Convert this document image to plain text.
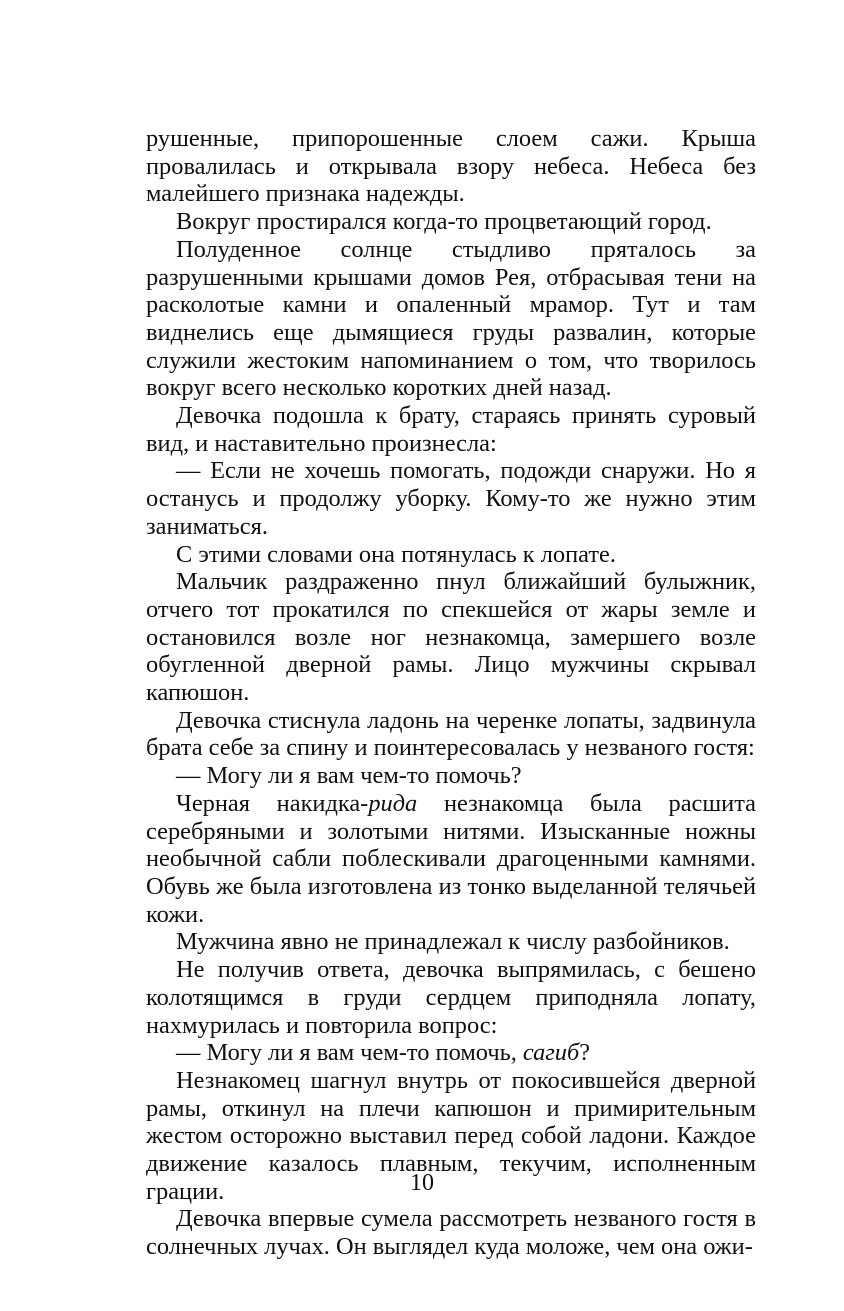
рушенные, припорошенные слоем сажи. Крыша провалилась и открывала взору небеса. Небеса без малейшего признака надежды.

Вокруг простирался когда-то процветающий город.

Полуденное солнце стыдливо пряталось за разрушенными крышами домов Рея, отбрасывая тени на расколотые камни и опаленный мрамор. Тут и там виднелись еще дымящиеся груды развалин, которые служили жестоким напоминанием о том, что творилось вокруг всего несколько коротких дней назад.

Девочка подошла к брату, стараясь принять суровый вид, и наставительно произнесла:

— Если не хочешь помогать, подожди снаружи. Но я останусь и продолжу уборку. Кому-то же нужно этим заниматься.

С этими словами она потянулась к лопате.

Мальчик раздраженно пнул ближайший булыжник, отчего тот прокатился по спекшейся от жары земле и остановился возле ног незнакомца, замершего возле обугленной дверной рамы. Лицо мужчины скрывал капюшон.

Девочка стиснула ладонь на черенке лопаты, задвинула брата себе за спину и поинтересовалась у незваного гостя:

— Могу ли я вам чем-то помочь?

Черная накидка-рида незнакомца была расшита серебряными и золотыми нитями. Изысканные ножны необычной сабли поблескивали драгоценными камнями. Обувь же была изготовлена из тонко выделанной телячьей кожи.

Мужчина явно не принадлежал к числу разбойников.

Не получив ответа, девочка выпрямилась, с бешено колотящимся в груди сердцем приподняла лопату, нахмурилась и повторила вопрос:

— Могу ли я вам чем-то помочь, сагиб?

Незнакомец шагнул внутрь от покосившейся дверной рамы, откинул на плечи капюшон и примирительным жестом осторожно выставил перед собой ладони. Каждое движение казалось плавным, текучим, исполненным грации.

Девочка впервые сумела рассмотреть незваного гостя в солнечных лучах. Он выглядел куда моложе, чем она ожи-

10
